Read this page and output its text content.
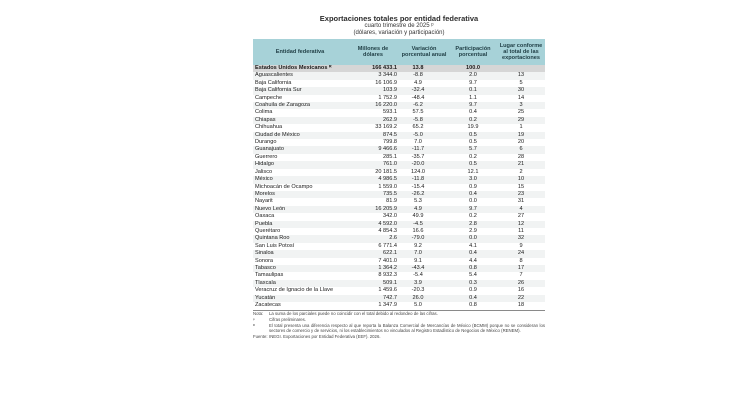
Exportaciones totales por entidad federativa
cuarto trimestre de 2025 ᵖ
(dólares, variación y participación)
Entidad federativa	Millones de dólares	Variación porcentual anual	Participación porcentual	Lugar conforme al total de las exportaciones
Estados Unidos Mexicanos ᴿ	166 433.1	13.8	100.0	
Aguascalientes	3 344.0	-8.8	2.0	13
Baja California	16 106.9	4.9	9.7	5
Baja California Sur	103.9	-32.4	0.1	30
Campeche	1 752.9	-48.4	1.1	14
Coahuila de Zaragoza	16 220.0	-6.2	9.7	3
Colima	593.1	57.5	0.4	25
Chiapas	262.9	-5.8	0.2	29
Chihuahua	33 169.2	65.2	19.9	1
Ciudad de México	874.5	-5.0	0.5	19
Durango	799.8	7.0	0.5	20
Guanajuato	9 466.6	-11.7	5.7	6
Guerrero	285.1	-35.7	0.2	28
Hidalgo	761.0	-20.0	0.5	21
Jalisco	20 181.5	124.0	12.1	2
México	4 986.5	-11.8	3.0	10
Michoacán de Ocampo	1 559.0	-15.4	0.9	15
Morelos	735.5	-26.2	0.4	23
Nayarit	81.9	5.3	0.0	31
Nuevo León	16 205.9	4.9	9.7	4
Oaxaca	342.0	49.9	0.2	27
Puebla	4 592.0	-4.5	2.8	12
Querétaro	4 854.3	16.6	2.9	11
Quintana Roo	2.6	-79.0	0.0	32
San Luis Potosí	6 771.4	9.2	4.1	9
Sinaloa	622.1	7.0	0.4	24
Sonora	7 401.0	9.1	4.4	8
Tabasco	1 364.2	-43.4	0.8	17
Tamaulipas	8 932.3	-5.4	5.4	7
Tlaxcala	509.1	3.9	0.3	26
Veracruz de Ignacio de la Llave	1 459.6	-20.3	0.9	16
Yucatán	742.7	26.0	0.4	22
Zacatecas	1 347.9	5.0	0.8	18
Nota:	La suma de los parciales puede no coincidir con el total debido al redondeo de las cifras.
ᵖ	Cifras preliminares.
ᴿ	El total presenta una diferencia respecto al que reporta la Balanza Comercial de Mercancías de México (BCMM) porque no se consideran los sectores de comercio y de servicios, ni los establecimientos no vinculados al Registro Estadístico de Negocios de México (RENEM).
Fuente: INEGI. Exportaciones por Entidad Federativa (EEF). 2026.
